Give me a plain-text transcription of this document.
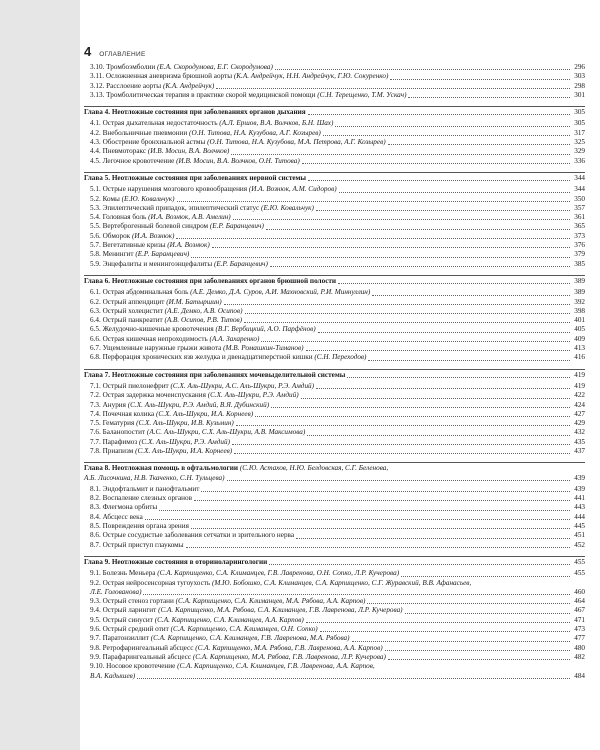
4 ОГЛАВЛЕНИЕ
3.10. Тромбоэмболии (Е.А. Скородумова, Е.Г. Скородумова)	296
3.11. Осложненная аневризма брюшной аорты (К.А. Андрейчук, Н.Н. Андрейчук, Г.Ю. Сокуренко)	303
3.12. Расслоение аорты (К.А. Андрейчук)	298
3.13. Тромболитическая терапия в практике скорой медицинской помощи (С.Н. Терещенко, Т.М. Ускач)	301
Глава 4. Неотложные состояния при заболеваниях органов дыхания	305
4.1. Острая дыхательная недостаточность (А.Л. Ершов, В.А. Волчков, Б.Н. Шах)	305
4.2. Внебольничные пневмонии (О.Н. Титова, Н.А. Кузубова, А.Г. Козырев)	317
4.3. Обострение бронхиальной астмы (О.Н. Титова, Н.А. Кузубова, М.А. Петрова, А.Г. Козырев)	325
4.4. Пневмоторакс (И.В. Мосин, В.А. Волчков)	329
4.5. Легочное кровотечение (И.В. Мосин, В.А. Волчков, О.Н. Титова)	336
Глава 5. Неотложные состояния при заболеваниях нервной системы	344
5.1. Острые нарушения мозгового кровообращения (И.А. Вознюк, А.М. Сидоров)	344
5.2. Комы (Е.Ю. Ковальчук)	350
5.3. Эпилептический припадок, эпилептический статус (Е.Ю. Ковальчук)	357
5.4. Головная боль (И.А. Вознюк, А.В. Амелин)	361
5.5. Вертеброгенный болевой синдром (Е.Р. Баранцевич)	365
5.6. Обморок (И.А. Вознюк)	373
5.7. Вегетативные кризы (И.А. Вознюк)	376
5.8. Менингит (Е.Р. Баранцевич)	379
5.9. Энцефалиты и менингоэнцефалиты (Е.Р. Баранцевич)	385
Глава 6. Неотложные состояния при заболеваниях органов брюшной полости	389
6.1. Острая абдоминальная боль (А.Е. Демко, Д.А. Суров, А.И. Махновский, Р.И. Миннуллин)	389
6.2. Острый аппендицит (И.М. Батыршин)	392
6.3. Острый холецистит (А.Е. Демко, А.В. Осипов)	398
6.4. Острый панкреатит (А.В. Осипов, Р.В. Титов)	401
6.5. Желудочно-кишечные кровотечения (В.Г. Вербицкий, А.О. Парфёнов)	405
6.6. Острая кишечная непроходимость (А.А. Захаренко)	409
6.7. Ущемленные наружные грыжи живота (М.В. Ромашкин-Тиманов)	413
6.8. Перфорация хронических язв желудка и двенадцатиперстной кишки (С.Н. Переходов)	416
Глава 7. Неотложные состояния при заболеваниях мочевыделительной системы	419
7.1. Острый пиелонефрит (С.Х. Аль-Шукри, А.С. Аль-Шукри, Р.Э. Амдий)	419
7.2. Острая задержка мочеиспускания (С.Х. Аль-Шукри, Р.Э. Амдий)	422
7.3. Анурия (С.Х. Аль-Шукри, Р.Э. Амдий, В.Я. Дубинский)	424
7.4. Почечная колика (С.Х. Аль-Шукри, И.А. Корнеев)	427
7.5. Гематурия (С.Х. Аль-Шукри, И.В. Кузьмин)	429
7.6. Баланопостит (А.С. Аль-Шукри, С.Х. Аль-Шукри, А.В. Максимова)	432
7.7. Парафимоз (С.Х. Аль-Шукри, Р.Э. Амдий)	435
7.8. Приапизм (С.Х. Аль-Шукри, И.А. Корнеев)	437
Глава 8. Неотложная помощь в офтальмологии (С.Ю. Астахов, Н.Ю. Белдовская, С.Г. Беленова,
А.Б. Лисочкина, Н.В. Ткаченко, С.Н. Тульцева)	439
8.1. Эндофтальмит и панофтальмит	439
8.2. Воспаление слезных органов	441
8.3. Флегмона орбиты	443
8.4. Абсцесс века	444
8.5. Повреждения органа зрения	445
8.6. Острые сосудистые заболевания сетчатки и зрительного нерва	451
8.7. Острый приступ глаукомы	452
Глава 9. Неотложные состояния в оториноларингологии	455
9.1. Болезнь Меньера (С.А. Карпищенко, С.А. Климанцев, Г.В. Лавренова, О.Н. Сопко, Л.Р. Кучерова)	455
9.2. Острая нейросенсорная тугоухость (М.Ю. Бобошко, С.А. Климанцев, С.А. Карпищенко, С.Г. Журавский, В.В. Афанасьев,
Л.Е. Голованова)	460
9.3. Острый стеноз гортани (С.А. Карпищенко, С.А. Климанцев, М.А. Рябова, А.А. Карпов)	464
9.4. Острый ларингит (С.А. Карпищенко, М.А. Рябова, С.А. Климанцев, Г.В. Лавренова, Л.Р. Кучерова)	467
9.5. Острый синусит (С.А. Карпищенко, С.А. Климанцев, А.А. Карпов)	471
9.6. Острый средний отит (С.А. Карпищенко, С.А. Климанцев, О.Н. Сопко)	473
9.7. Паратонзиллит (С.А. Карпищенко, С.А. Климанцев, Г.В. Лавренова, М.А. Рябова)	477
9.8. Ретрофарингеальный абсцесс (С.А. Карпищенко, М.А. Рябова, Г.В. Лавренова, А.А. Карпов)	480
9.9. Парафарингеальный абсцесс (С.А. Карпищенко, М.А. Рябова, Г.В. Лавренова, Л.Р. Кучерова)	482
9.10. Носовое кровотечение (С.А. Карпищенко, С.А. Климанцев, Г.В. Лавренова, А.А. Карпов,
В.А. Кадышев)	484
